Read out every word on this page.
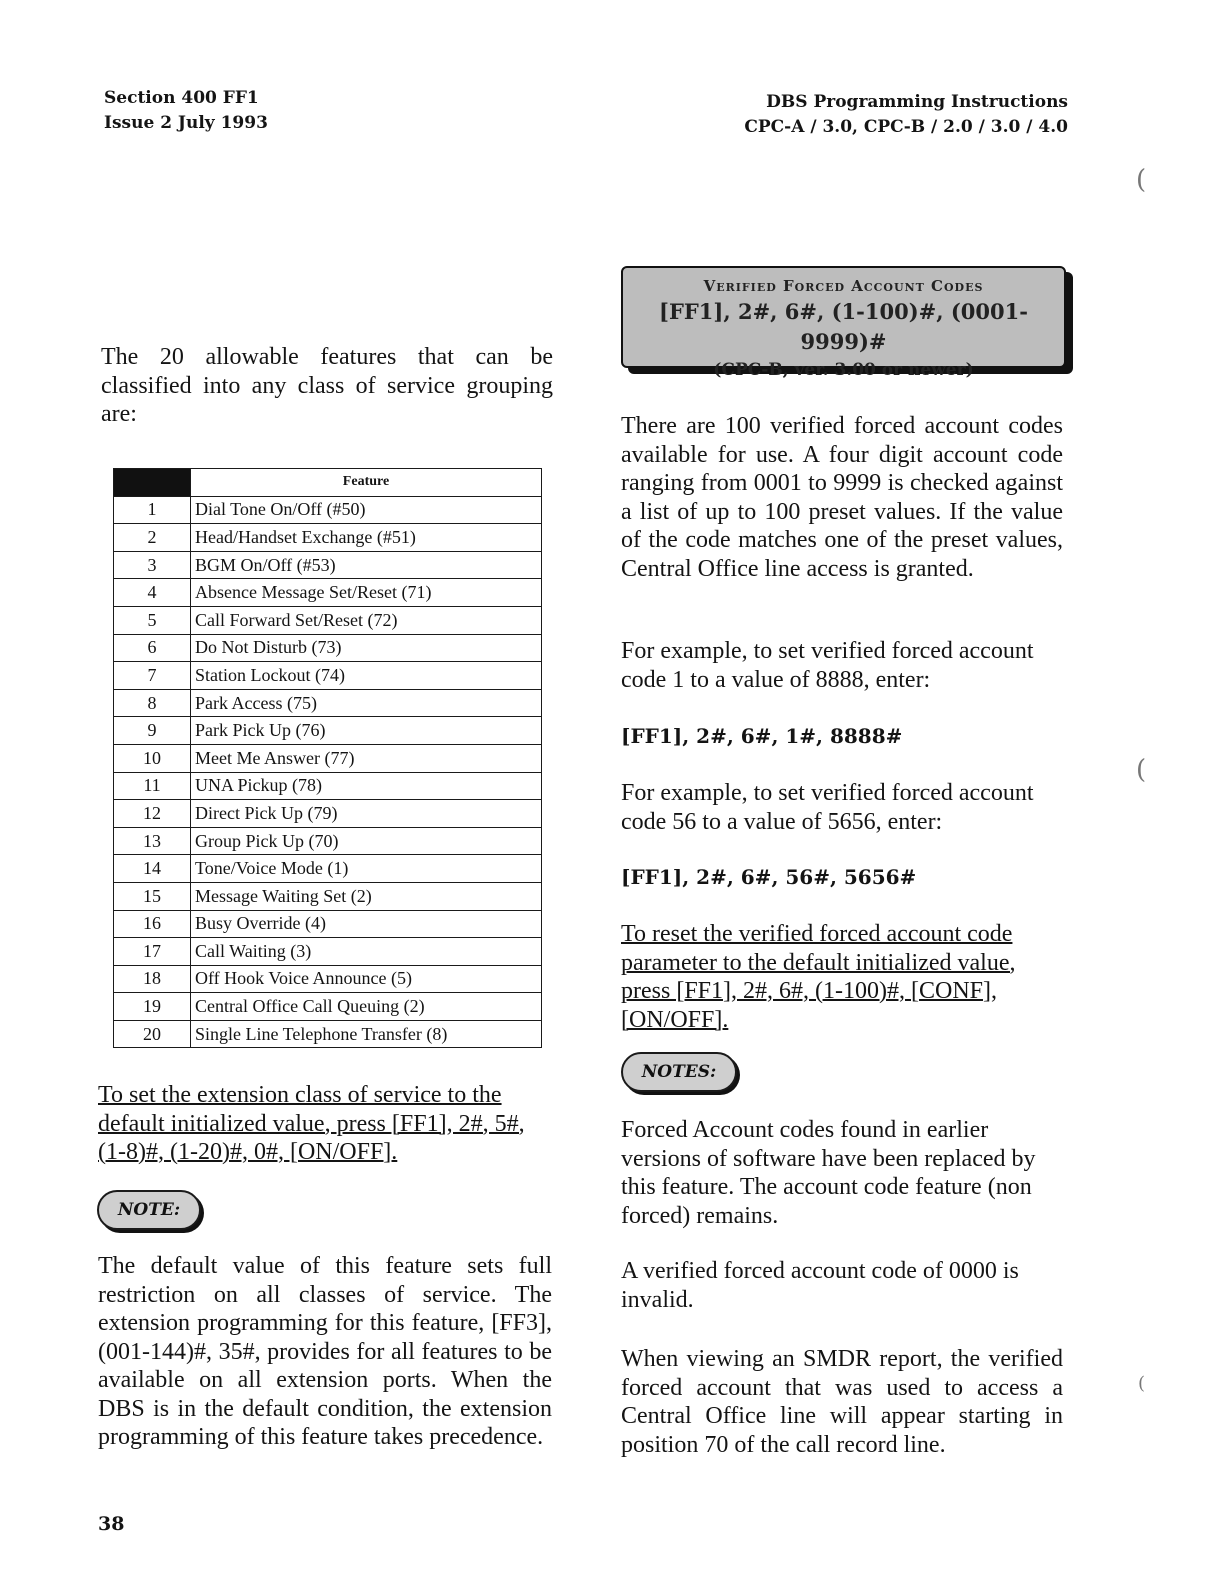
Section 400 FF1
Issue 2 July 1993
DBS Programming Instructions
CPC-A / 3.0, CPC-B / 2.0 / 3.0 / 4.0
The 20 allowable features that can be classified into any class of service grouping are:
	Feature
1	Dial Tone On/Off (#50)
2	Head/Handset Exchange (#51)
3	BGM On/Off (#53)
4	Absence Message Set/Reset (71)
5	Call Forward Set/Reset (72)
6	Do Not Disturb (73)
7	Station Lockout (74)
8	Park Access (75)
9	Park Pick Up (76)
10	Meet Me Answer (77)
11	UNA Pickup (78)
12	Direct Pick Up (79)
13	Group Pick Up (70)
14	Tone/Voice Mode (1)
15	Message Waiting Set (2)
16	Busy Override (4)
17	Call Waiting (3)
18	Off Hook Voice Announce (5)
19	Central Office Call Queuing (2)
20	Single Line Telephone Transfer (8)
To set the extension class of service to the default initialized value, press [FF1], 2#, 5#, (1-8)#, (1-20)#, 0#, [ON/OFF].
NOTE:
The default value of this feature sets full restriction on all classes of service. The extension programming for this feature, [FF3], (001-144)#, 35#, provides for all features to be available on all extension ports. When the DBS is in the default condition, the extension programming of this feature takes precedence.
38
Verified Forced Account Codes
[FF1], 2#, 6#, (1-100)#, (0001-9999)#
(CPC-B, ver. 3.00 or newer)
There are 100 verified forced account codes available for use. A four digit account code ranging from 0001 to 9999 is checked against a list of up to 100 preset values. If the value of the code matches one of the preset values, Central Office line access is granted.
For example, to set verified forced account code 1 to a value of 8888, enter:
[FF1], 2#, 6#, 1#, 8888#
For example, to set verified forced account code 56 to a value of 5656, enter:
[FF1], 2#, 6#, 56#, 5656#
To reset the verified forced account code parameter to the default initialized value, press [FF1], 2#, 6#, (1-100)#, [CONF], [ON/OFF].
NOTES:
Forced Account codes found in earlier versions of software have been replaced by this feature. The account code feature (non forced) remains.
A verified forced account code of 0000 is invalid.
When viewing an SMDR report, the verified forced account that was used to access a Central Office line will appear starting in position 70 of the call record line.
(
(
(
